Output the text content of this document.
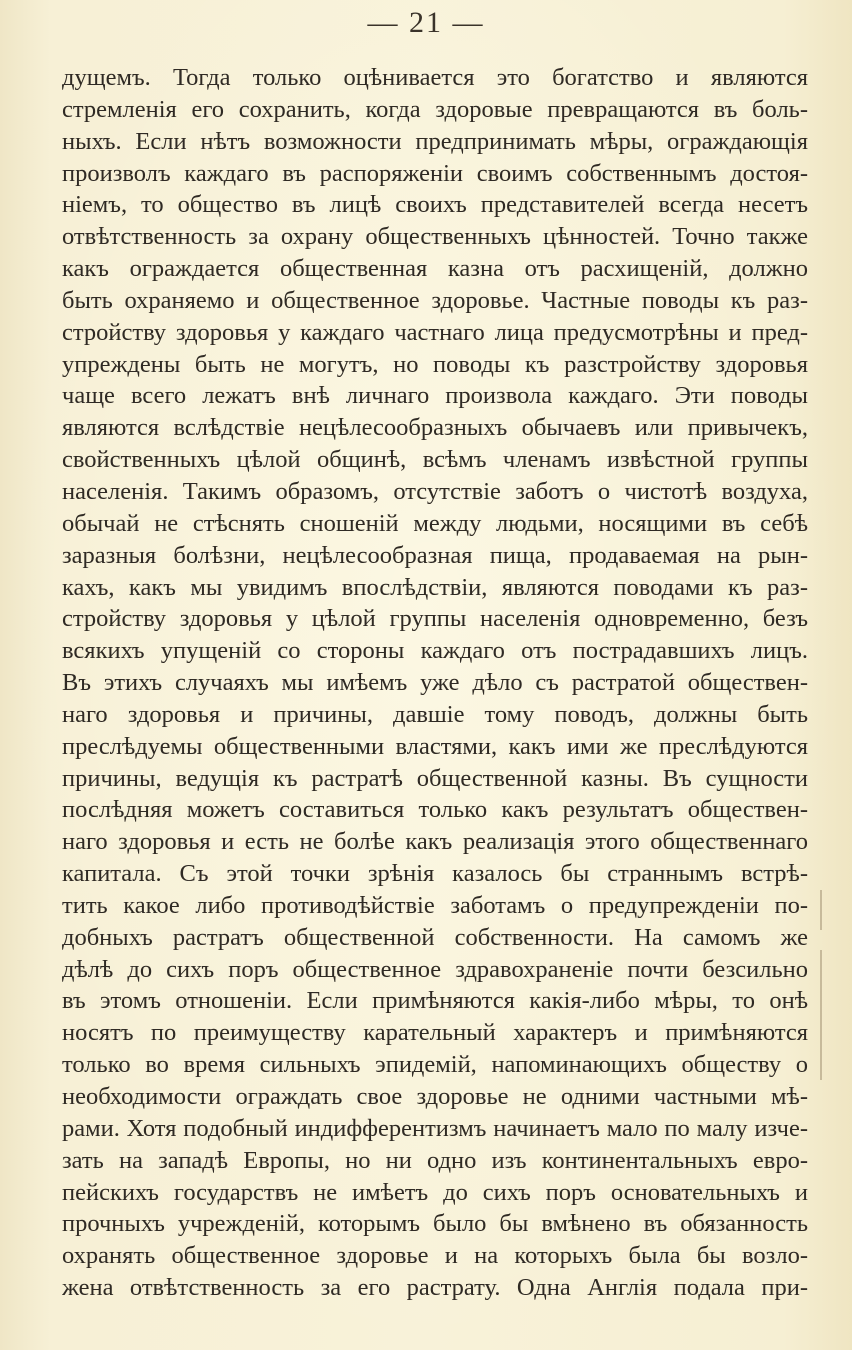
— 21 —
дущемъ. Тогда только оцѣнивается это богатство и являются
стремленія его сохранить, когда здоровые превращаются въ боль-
ныхъ. Если нѣтъ возможности предпринимать мѣры, ограждающія
произволъ каждаго въ распоряженіи своимъ собственнымъ достоя-
ніемъ, то общество въ лицѣ своихъ представителей всегда несетъ
отвѣтственность за охрану общественныхъ цѣнностей. Точно также
какъ ограждается общественная казна отъ расхищеній, должно
быть охраняемо и общественное здоровье. Частные поводы къ раз-
стройству здоровья у каждаго частнаго лица предусмотрѣны и пред-
упреждены быть не могутъ, но поводы къ разстройству здоровья
чаще всего лежатъ внѣ личнаго произвола каждаго. Эти поводы
являются вслѣдствіе нецѣлесообразныхъ обычаевъ или привычекъ,
свойственныхъ цѣлой общинѣ, всѣмъ членамъ извѣстной группы
населенія. Такимъ образомъ, отсутствіе заботъ о чистотѣ воздуха,
обычай не стѣснять сношеній между людьми, носящими въ себѣ
заразныя болѣзни, нецѣлесообразная пища, продаваемая на рын-
кахъ, какъ мы увидимъ впослѣдствіи, являются поводами къ раз-
стройству здоровья у цѣлой группы населенія одновременно, безъ
всякихъ упущеній со стороны каждаго отъ пострадавшихъ лицъ.
Въ этихъ случаяхъ мы имѣемъ уже дѣло съ растратой обществен-
наго здоровья и причины, давшіе тому поводъ, должны быть
преслѣдуемы общественными властями, какъ ими же преслѣдуются
причины, ведущія къ растратѣ общественной казны. Въ сущности
послѣдняя можетъ составиться только какъ результатъ обществен-
наго здоровья и есть не болѣе какъ реализація этого общественнаго
капитала. Съ этой точки зрѣнія казалось бы страннымъ встрѣ-
тить какое либо противодѣйствіе заботамъ о предупрежденіи по-
добныхъ растратъ общественной собственности. На самомъ же
дѣлѣ до сихъ поръ общественное здравохраненіе почти безсильно
въ этомъ отношеніи. Если примѣняются какія-либо мѣры, то онѣ
носятъ по преимуществу карательный характеръ и примѣняются
только во время сильныхъ эпидемій, напоминающихъ обществу о
необходимости ограждать свое здоровье не одними частными мѣ-
рами. Хотя подобный индифферентизмъ начинаетъ мало по малу изче-
зать на западѣ Европы, но ни одно изъ континентальныхъ евро-
пейскихъ государствъ не имѣетъ до сихъ поръ основательныхъ и
прочныхъ учрежденій, которымъ было бы вмѣнено въ обязанность
охранять общественное здоровье и на которыхъ была бы возло-
жена отвѣтственность за его растрату. Одна Англія подала при-
